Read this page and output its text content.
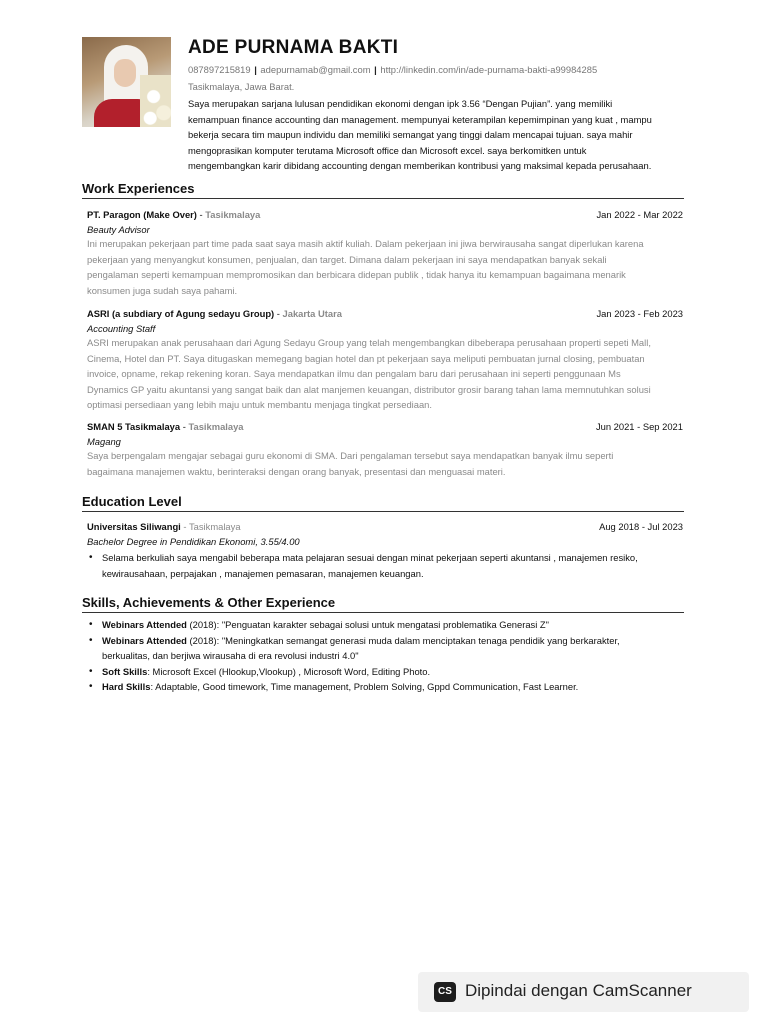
ADE PURNAMA BAKTI
087897215819 | adepurnamab@gmail.com | http://linkedin.com/in/ade-purnama-bakti-a99984285
Tasikmalaya, Jawa Barat.
Saya merupakan sarjana lulusan pendidikan ekonomi dengan ipk 3.56 “Dengan Pujian”. yang memiliki
kemampuan finance accounting dan management. mempunyai keterampilan kepemimpinan yang kuat , mampu
bekerja secara tim maupun individu dan memiliki semangat yang tinggi dalam mencapai tujuan. saya mahir
mengoprasikan komputer terutama Microsoft office dan Microsoft excel. saya berkomitken untuk
mengembangkan karir dibidang accounting dengan memberikan kontribusi yang maksimal kepada perusahaan.
Work Experiences
PT. Paragon (Make Over) - Tasikmalaya	Jan 2022 - Mar 2022
Beauty Advisor
Ini merupakan pekerjaan part time pada saat saya masih aktif kuliah. Dalam pekerjaan ini jiwa berwirausaha sangat diperlukan karena
pekerjaan yang menyangkut konsumen, penjualan, dan target. Dimana dalam pekerjaan ini saya mendapatkan banyak sekali
pengalaman seperti kemampuan mempromosikan dan berbicara didepan publik , tidak hanya itu kemampuan bagaimana menarik
konsumen juga sudah saya pahami.
ASRI (a subdiary of Agung sedayu Group) - Jakarta Utara	Jan 2023 - Feb 2023
Accounting Staff
ASRI merupakan anak perusahaan dari Agung Sedayu Group yang telah mengembangkan dibeberapa perusahaan properti sepeti Mall,
Cinema, Hotel dan PT. Saya ditugaskan memegang bagian hotel dan pt pekerjaan saya meliputi pembuatan jurnal closing, pembuatan
invoice, opname, rekap rekening koran. Saya mendapatkan ilmu dan pengalam baru dari perusahaan ini seperti penggunaan Ms
Dynamics GP yaitu akuntansi yang sangat baik dan alat manjemen keuangan, distributor grosir barang tahan lama memnutuhkan solusi
optimasi persediaan yang lebih maju untuk membantu menjaga tingkat persediaan.
SMAN 5 Tasikmalaya - Tasikmalaya	Jun 2021 - Sep 2021
Magang
Saya berpengalam mengajar sebagai guru ekonomi di SMA. Dari pengalaman tersebut saya mendapatkan banyak ilmu seperti
bagaimana manajemen waktu, berinteraksi dengan orang banyak, presentasi dan menguasai materi.
Education Level
Universitas Siliwangi - Tasikmalaya	Aug 2018 - Jul 2023
Bachelor Degree in Pendidikan Ekonomi, 3.55/4.00
• Selama berkuliah saya mengabil beberapa mata pelajaran sesuai dengan minat pekerjaan seperti akuntansi , manajemen resiko,
kewirausahaan, perpajakan , manajemen pemasaran, manajemen keuangan.
Skills, Achievements & Other Experience
• Webinars Attended (2018): "Penguatan karakter sebagai solusi untuk mengatasi problematika Generasi Z"
• Webinars Attended (2018): "Meningkatkan semangat generasi muda dalam menciptakan tenaga pendidik yang berkarakter,
berkualitas, dan berjiwa wirausaha di era revolusi industri 4.0"
• Soft Skills: Microsoft Excel (Hlookup,Vlookup) , Microsoft Word, Editing Photo.
• Hard Skills: Adaptable, Good timework, Time management, Problem Solving, Gppd Communication, Fast Learner.
CS Dipindai dengan CamScanner
